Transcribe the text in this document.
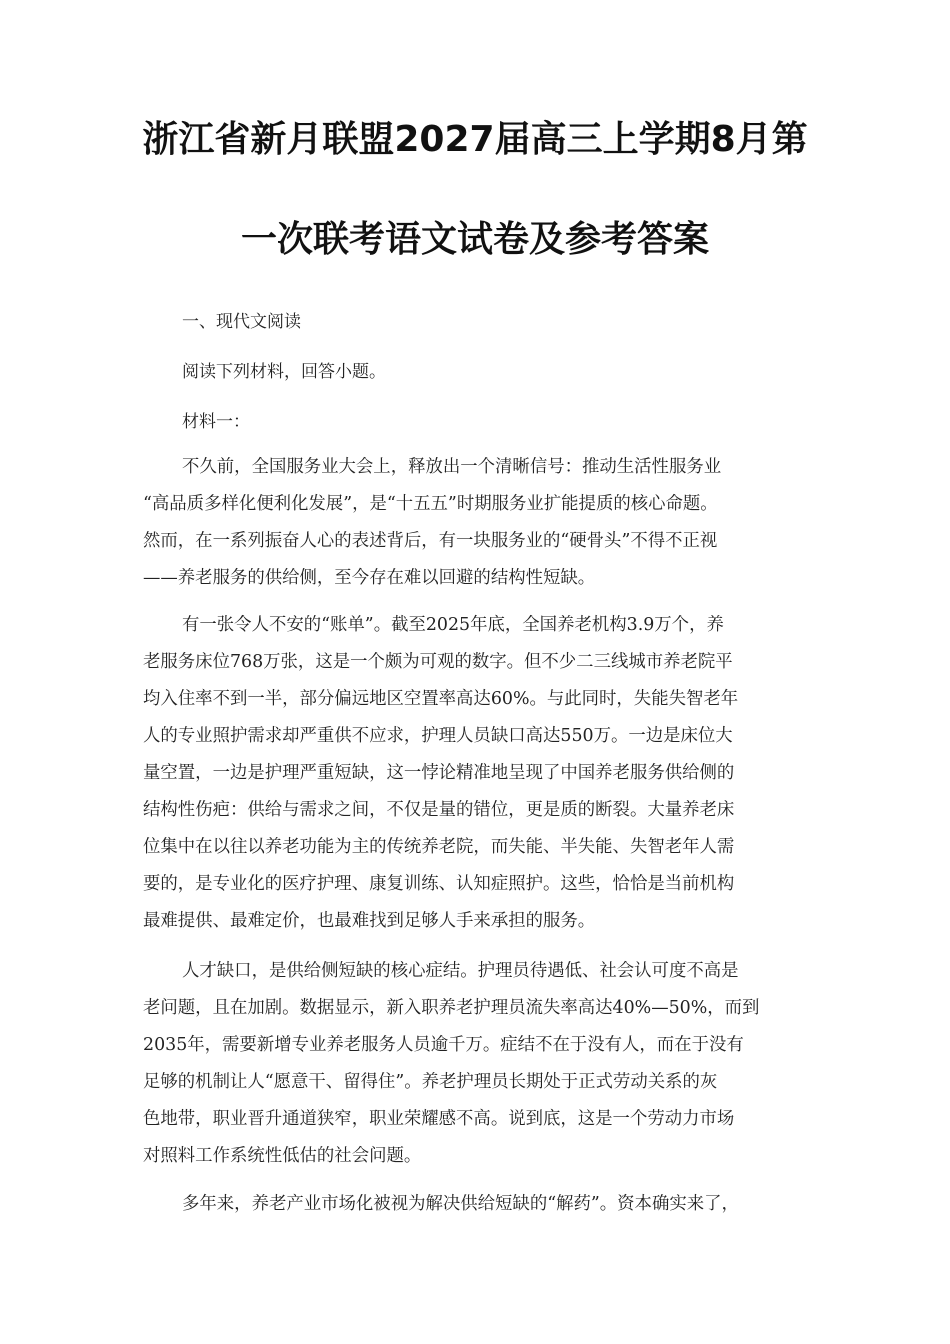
浙江省新月联盟2027届高三上学期8月第
一次联考语文试卷及参考答案
一、现代文阅读
阅读下列材料，回答小题。
材料一：
不久前，全国服务业大会上，释放出一个清晰信号：推动生活性服务业
“高品质多样化便利化发展”，是“十五五”时期服务业扩能提质的核心命题。
然而，在一系列振奋人心的表述背后，有一块服务业的“硬骨头”不得不正视
——养老服务的供给侧，至今存在难以回避的结构性短缺。
有一张令人不安的“账单”。截至2025年底，全国养老机构3.9万个，养
老服务床位768万张，这是一个颇为可观的数字。但不少二三线城市养老院平
均入住率不到一半，部分偏远地区空置率高达60%。与此同时，失能失智老年
人的专业照护需求却严重供不应求，护理人员缺口高达550万。一边是床位大
量空置，一边是护理严重短缺，这一悖论精准地呈现了中国养老服务供给侧的
结构性伤疤：供给与需求之间，不仅是量的错位，更是质的断裂。大量养老床
位集中在以往以养老功能为主的传统养老院，而失能、半失能、失智老年人需
要的，是专业化的医疗护理、康复训练、认知症照护。这些，恰恰是当前机构
最难提供、最难定价，也最难找到足够人手来承担的服务。
人才缺口，是供给侧短缺的核心症结。护理员待遇低、社会认可度不高是
老问题，且在加剧。数据显示，新入职养老护理员流失率高达40%—50%，而到
2035年，需要新增专业养老服务人员逾千万。症结不在于没有人，而在于没有
足够的机制让人“愿意干、留得住”。养老护理员长期处于正式劳动关系的灰
色地带，职业晋升通道狭窄，职业荣耀感不高。说到底，这是一个劳动力市场
对照料工作系统性低估的社会问题。
多年来，养老产业市场化被视为解决供给短缺的“解药”。资本确实来了，
